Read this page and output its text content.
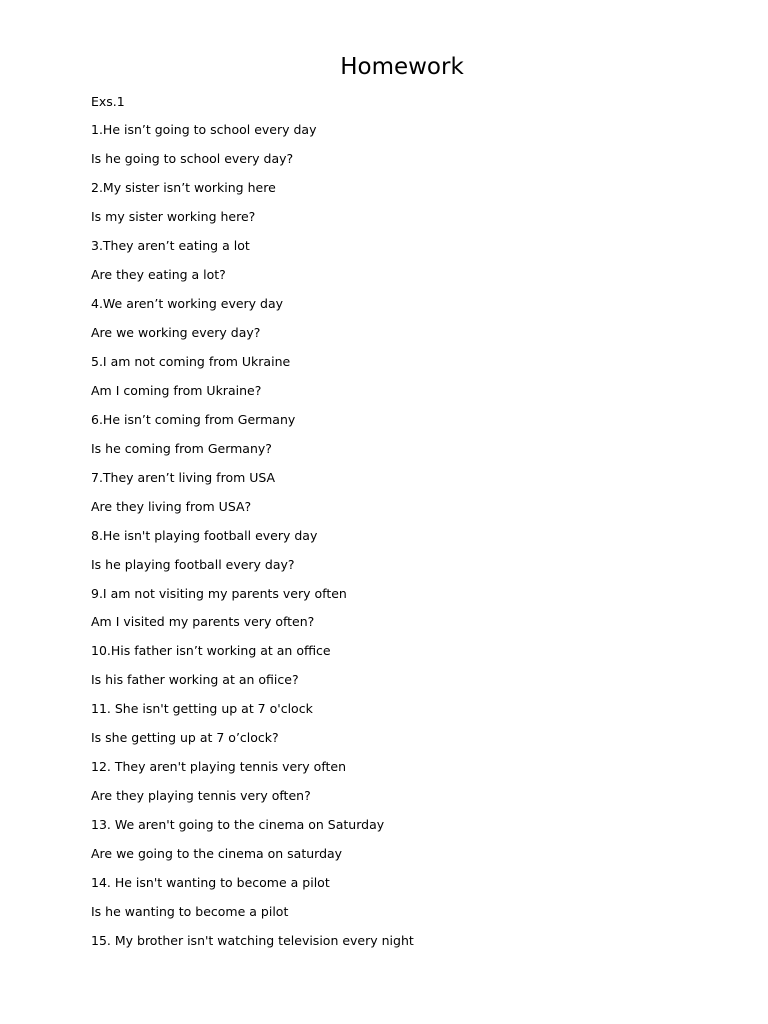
Homework
Exs.1
1.He isn’t going to school every day
Is he going to school every day?
2.My sister isn’t working here
Is my sister working here?
3.They aren’t eating a lot
Are they eating a lot?
4.We aren’t working every day
Are we working every day?
5.I am not coming from Ukraine
Am I coming from Ukraine?
6.He isn’t coming from Germany
Is he coming from Germany?
7.They aren’t living from USA
Are they living from USA?
8.He isn't playing football every day
Is he playing football every day?
9.I am not visiting my parents very often
Am I visited my parents very often?
10.His father isn’t working at an office
Is his father working at an ofiice?
11. She isn't getting up at 7 o'clock
Is she getting up at 7 o’clock?
12. They aren't playing tennis very often
Are they playing tennis very often?
13. We aren't going to the cinema on Saturday
Are we going to the cinema on saturday
14. He isn't wanting to become a pilot
Is he wanting to become a pilot
15. My brother isn't watching television every night
